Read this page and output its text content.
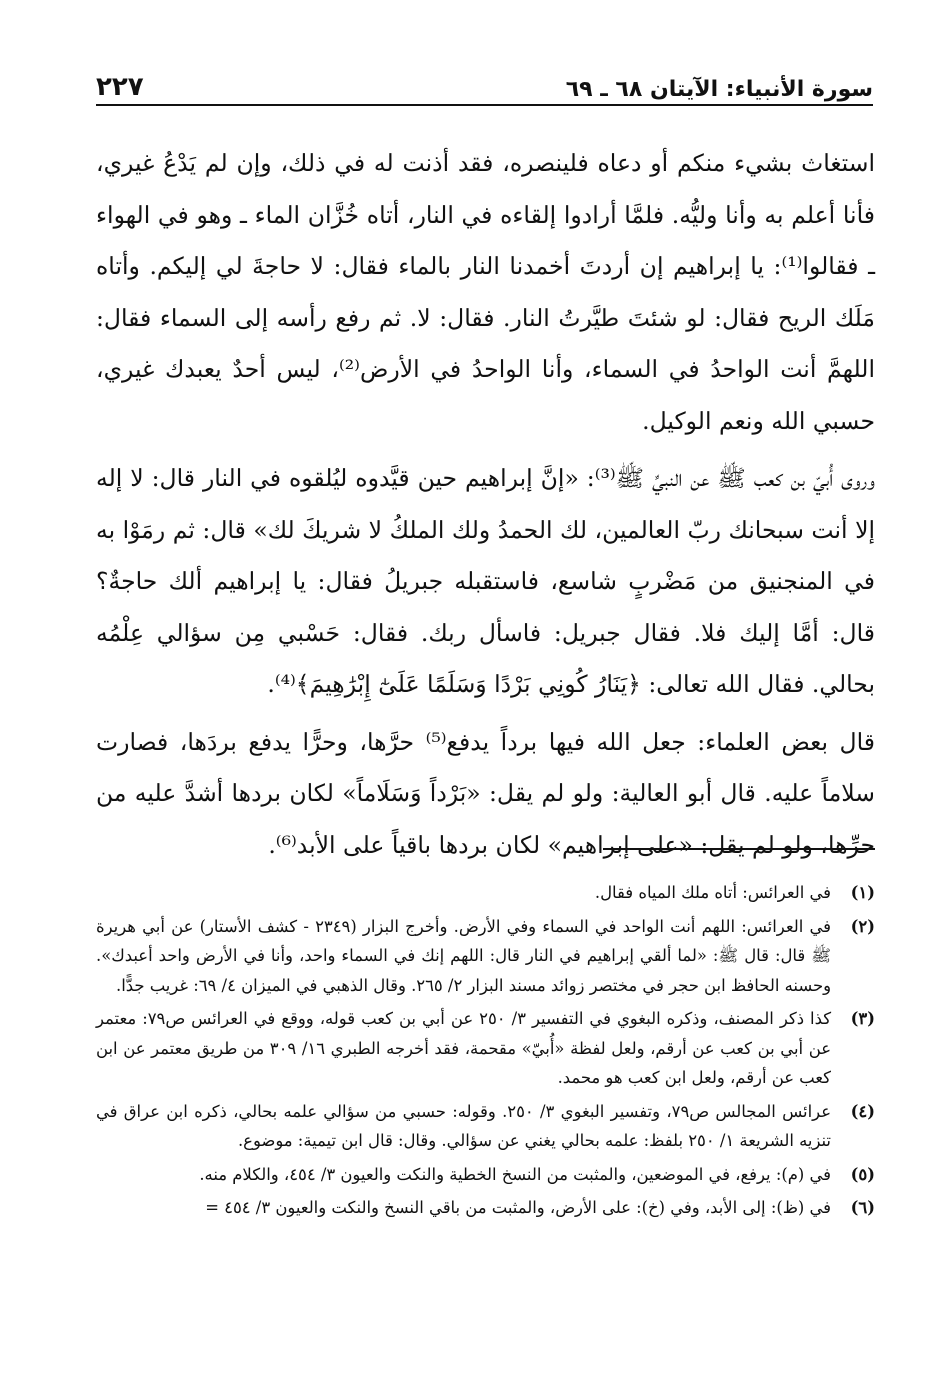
سورة الأنبياء: الآيتان ٦٨ ـ ٦٩
٢٢٧

استغاث بشيء منكم أو دعاه فلينصره، فقد أذنت له في ذلك، وإن لم يَدْعُ غيري، فأنا أعلم به وأنا وليُّه. فلمَّا أرادوا إلقاءه في النار، أتاه خُزَّان الماء ـ وهو في الهواء ـ فقالوا⁽¹⁾: يا إبراهيم إن أردتَ أخمدنا النار بالماء فقال: لا حاجةَ لي إليكم. وأتاه مَلَك الريح فقال: لو شئتَ طيَّرتُ النار. فقال: لا. ثم رفع رأسه إلى السماء فقال: اللهمَّ أنت الواحدُ في السماء، وأنا الواحدُ في الأرض⁽²⁾، ليس أحدٌ يعبدك غيري، حسبي الله ونعم الوكيل.

وروى أُبيّ بن كعب ﷺ عن النبيِّ ﷺ⁽³⁾: «إنَّ إبراهيم حين قيَّدوه ليُلقوه في النار قال: لا إله إلا أنت سبحانك ربّ العالمين، لك الحمدُ ولك الملكُ لا شريكَ لك» قال: ثم رمَوْا به في المنجنيق من مَضْربٍ شاسع، فاستقبله جبريلُ فقال: يا إبراهيم ألك حاجةٌ؟ قال: أمَّا إليك فلا. فقال جبريل: فاسأل ربك. فقال: حَسْبي مِن سؤالي عِلْمُه بحالي. فقال الله تعالى: ﴿يَنَارُ كُونِي بَرْدًا وَسَلَمًا عَلَىٰٓ إِبْرَٰهِيمَ﴾⁽⁴⁾.

قال بعض العلماء: جعل الله فيها برداً يدفع⁽⁵⁾ حرَّها، وحرًّا يدفع بردَها، فصارت سلاماً عليه. قال أبو العالية: ولو لم يقل: «بَرْداً وَسَلَاماً» لكان بردها أشدَّ عليه من حرِّها، ولو لم يقل: «على إبراهيم» لكان بردها باقياً على الأبد⁽⁶⁾.

(١)
في العرائس: أتاه ملك المياه فقال.
(٢)
في العرائس: اللهم أنت الواحد في السماء وفي الأرض. وأخرج البزار (٢٣٤٩ - كشف الأستار) عن أبي هريرة ﷺ قال: قال ﷺ: «لما ألقي إبراهيم في النار قال: اللهم إنك في السماء واحد، وأنا في الأرض واحد أعبدك». وحسنه الحافظ ابن حجر في مختصر زوائد مسند البزار ٢/ ٢٦٥. وقال الذهبي في الميزان ٤/ ٦٩: غريب جدًّا.
(٣)
كذا ذكر المصنف، وذكره البغوي في التفسير ٣/ ٢٥٠ عن أبي بن كعب قوله، ووقع في العرائس ص٧٩: معتمر عن أبي بن كعب عن أرقم، ولعل لفظة «أُبيّ» مقحمة، فقد أخرجه الطبري ١٦/ ٣٠٩ من طريق معتمر عن ابن كعب عن أرقم، ولعل ابن كعب هو محمد.
(٤)
عرائس المجالس ص٧٩، وتفسير البغوي ٣/ ٢٥٠. وقوله: حسبي من سؤالي علمه بحالي، ذكره ابن عراق في تنزيه الشريعة ١/ ٢٥٠ بلفظ: علمه بحالي يغني عن سؤالي. وقال: قال ابن تيمية: موضوع.
(٥)
في (م): يرفع، في الموضعين، والمثبت من النسخ الخطية والنكت والعيون ٣/ ٤٥٤، والكلام منه.
(٦)
في (ظ): إلى الأبد، وفي (خ): على الأرض، والمثبت من باقي النسخ والنكت والعيون ٣/ ٤٥٤ =
